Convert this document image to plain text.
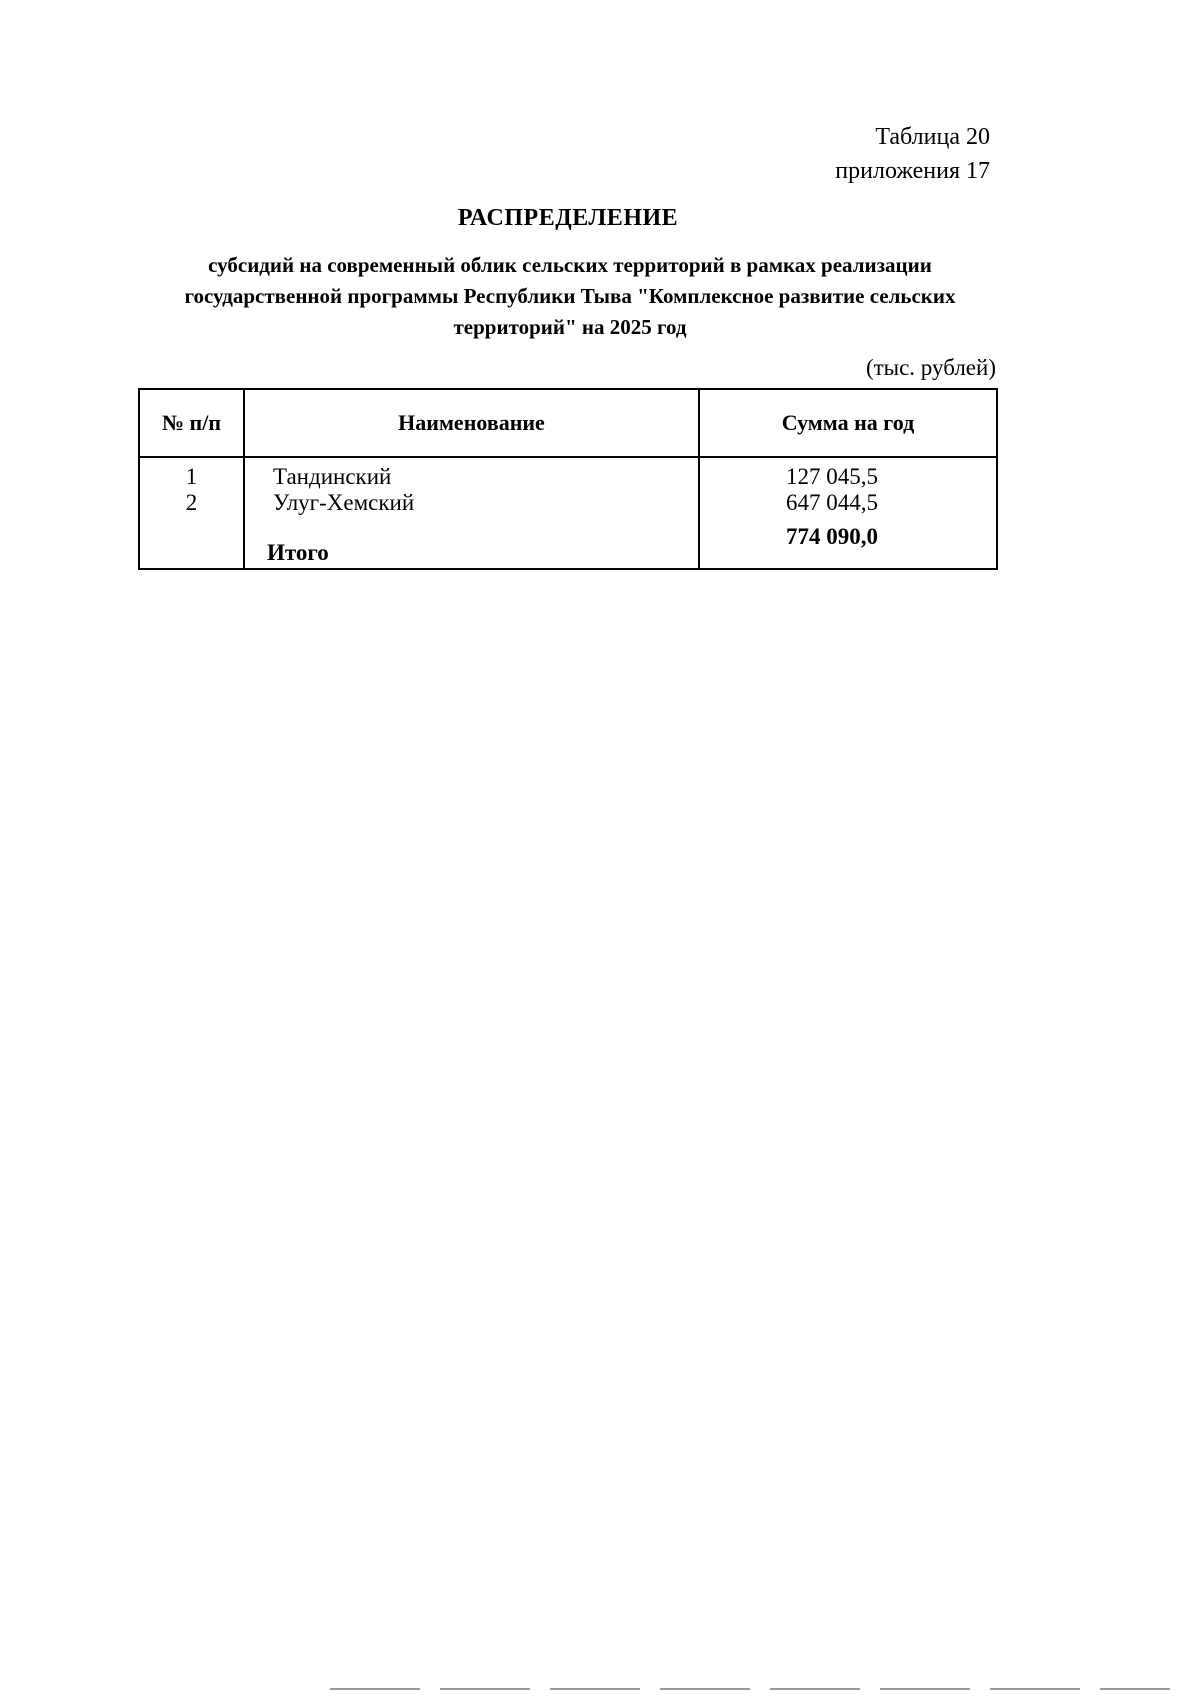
Таблица 20
приложения 17
РАСПРЕДЕЛЕНИЕ
субсидий на современный облик сельских территорий в рамках реализации
государственной программы Республики Тыва "Комплексное развитие сельских
территорий" на 2025 год
(тыс. рублей)
№ п/п	Наименование	Сумма на год
1	Тандинский	127 045,5
2	Улуг-Хемский	647 044,5
	Итого	774 090,0
